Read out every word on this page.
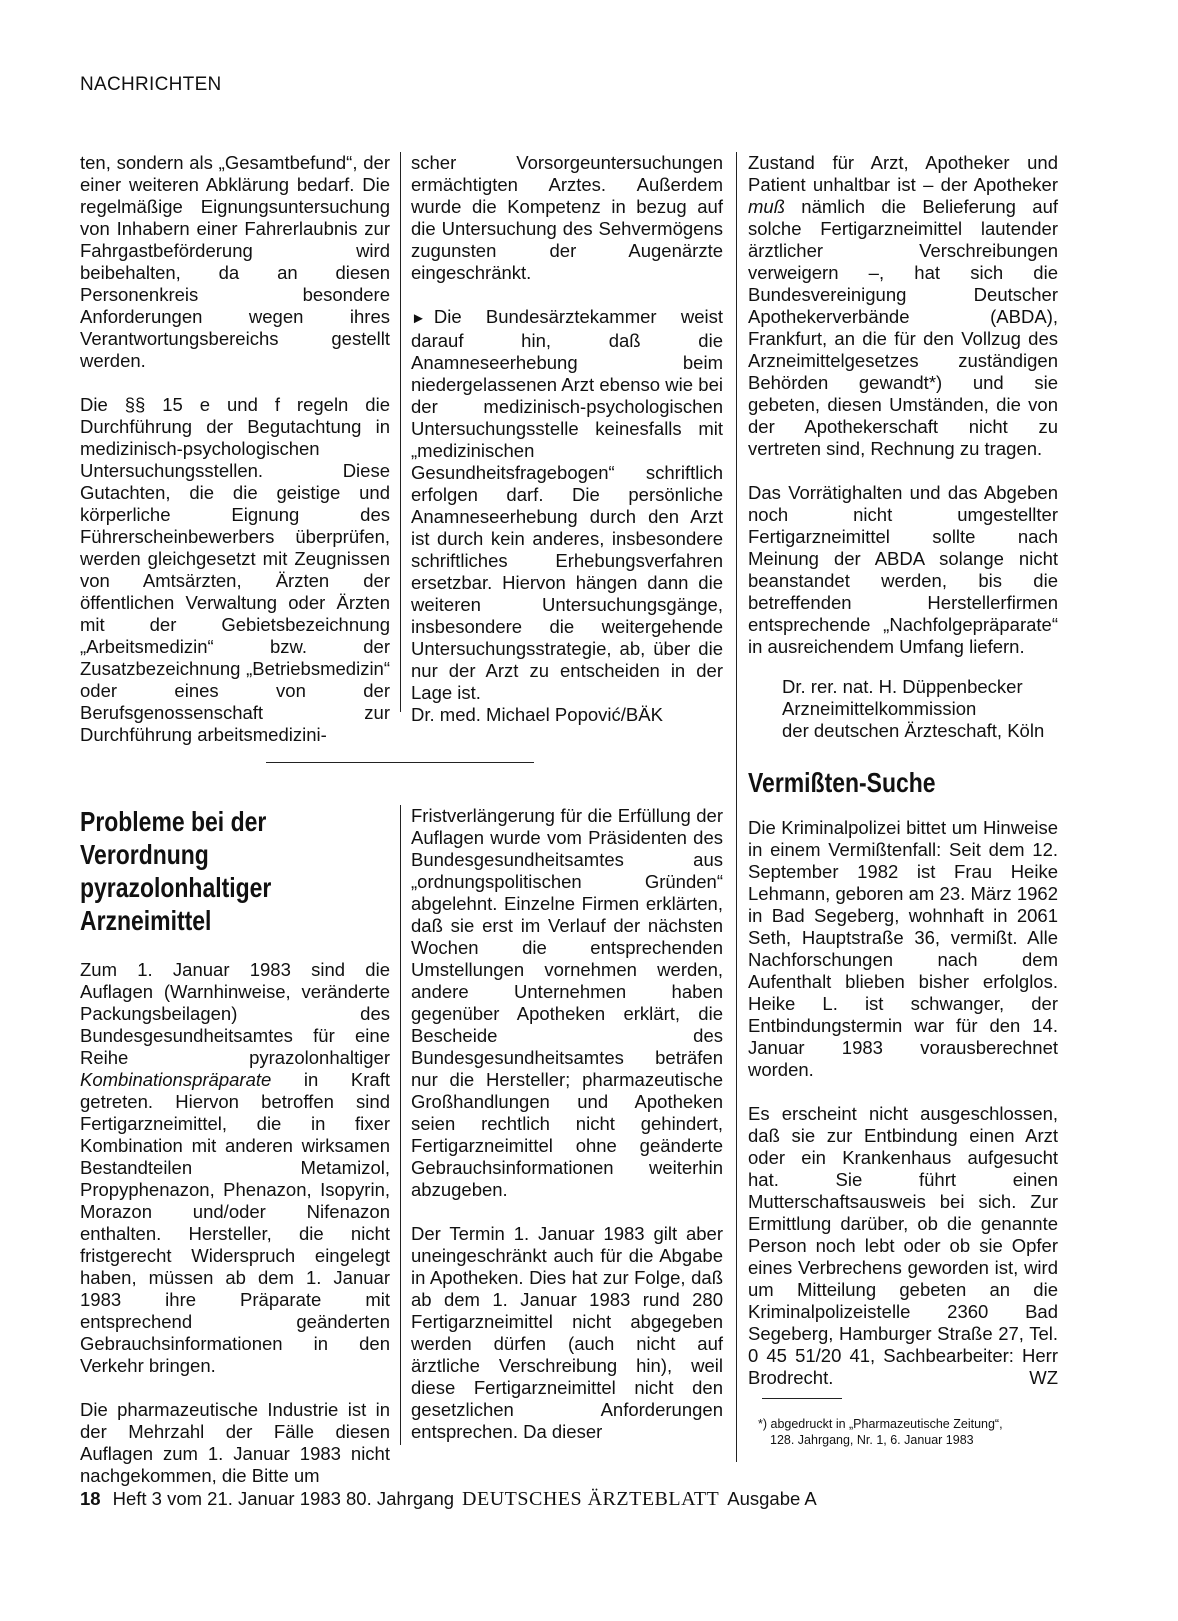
NACHRICHTEN

ten, sondern als „Gesamtbefund“, der einer weiteren Abklärung bedarf. Die regelmäßige Eignungsuntersuchung von Inhabern einer Fahrerlaubnis zur Fahrgastbeförderung wird beibehalten, da an diesen Personenkreis besondere Anforderungen wegen ihres Verantwortungsbereichs gestellt werden.

Die §§ 15 e und f regeln die Durchführung der Begutachtung in medizinisch-psychologischen Untersuchungsstellen. Diese Gutachten, die die geistige und körperliche Eignung des Führerscheinbewerbers überprüfen, werden gleichgesetzt mit Zeugnissen von Amtsärzten, Ärzten der öffentlichen Verwaltung oder Ärzten mit der Gebietsbezeichnung „Arbeitsmedizin“ bzw. der Zusatzbezeichnung „Betriebsmedizin“ oder eines von der Berufsgenossenschaft zur Durchführung arbeitsmedizini-

scher Vorsorgeuntersuchungen ermächtigten Arztes. Außerdem wurde die Kompetenz in bezug auf die Untersuchung des Sehvermögens zugunsten der Augenärzte eingeschränkt.

► Die Bundesärztekammer weist darauf hin, daß die Anamneseerhebung beim niedergelassenen Arzt ebenso wie bei der medizinisch-psychologischen Untersuchungsstelle keinesfalls mit „medizinischen Gesundheitsfragebogen“ schriftlich erfolgen darf. Die persönliche Anamneseerhebung durch den Arzt ist durch kein anderes, insbesondere schriftliches Erhebungsverfahren ersetzbar. Hiervon hängen dann die weiteren Untersuchungsgänge, insbesondere die weitergehende Untersuchungsstrategie, ab, über die nur der Arzt zu entscheiden in der Lage ist.

Dr. med. Michael Popović/BÄK

Zustand für Arzt, Apotheker und Patient unhaltbar ist – der Apotheker muß nämlich die Belieferung auf solche Fertigarzneimittel lautender ärztlicher Verschreibungen verweigern –, hat sich die Bundesvereinigung Deutscher Apothekerverbände (ABDA), Frankfurt, an die für den Vollzug des Arzneimittelgesetzes zuständigen Behörden gewandt*) und sie gebeten, diesen Umständen, die von der Apothekerschaft nicht zu vertreten sind, Rechnung zu tragen.

Das Vorrätighalten und das Abgeben noch nicht umgestellter Fertigarzneimittel sollte nach Meinung der ABDA solange nicht beanstandet werden, bis die betreffenden Herstellerfirmen entsprechende „Nachfolgepräparate“ in ausreichendem Umfang liefern.

Dr. rer. nat. H. Düppenbecker
Arzneimittelkommission
der deutschen Ärzteschaft, Köln
Probleme bei der
Verordnung
pyrazolonhaltiger
Arzneimittel

Zum 1. Januar 1983 sind die Auflagen (Warnhinweise, veränderte Packungsbeilagen) des Bundesgesundheitsamtes für eine Reihe pyrazolonhaltiger Kombinationspräparate in Kraft getreten. Hiervon betroffen sind Fertigarzneimittel, die in fixer Kombination mit anderen wirksamen Bestandteilen Metamizol, Propyphenazon, Phenazon, Isopyrin, Morazon und/oder Nifenazon enthalten. Hersteller, die nicht fristgerecht Widerspruch eingelegt haben, müssen ab dem 1. Januar 1983 ihre Präparate mit entsprechend geänderten Gebrauchsinformationen in den Verkehr bringen.

Die pharmazeutische Industrie ist in der Mehrzahl der Fälle diesen Auflagen zum 1. Januar 1983 nicht nachgekommen, die Bitte um

Fristverlängerung für die Erfüllung der Auflagen wurde vom Präsidenten des Bundesgesundheitsamtes aus „ordnungspolitischen Gründen“ abgelehnt. Einzelne Firmen erklärten, daß sie erst im Verlauf der nächsten Wochen die entsprechenden Umstellungen vornehmen werden, andere Unternehmen haben gegenüber Apotheken erklärt, die Bescheide des Bundesgesundheitsamtes beträfen nur die Hersteller; pharmazeutische Großhandlungen und Apotheken seien rechtlich nicht gehindert, Fertigarzneimittel ohne geänderte Gebrauchsinformationen weiterhin abzugeben.

Der Termin 1. Januar 1983 gilt aber uneingeschränkt auch für die Abgabe in Apotheken. Dies hat zur Folge, daß ab dem 1. Januar 1983 rund 280 Fertigarzneimittel nicht abgegeben werden dürfen (auch nicht auf ärztliche Verschreibung hin), weil diese Fertigarzneimittel nicht den gesetzlichen Anforderungen entsprechen. Da dieser

Vermißten-Suche

Die Kriminalpolizei bittet um Hinweise in einem Vermißtenfall: Seit dem 12. September 1982 ist Frau Heike Lehmann, geboren am 23. März 1962 in Bad Segeberg, wohnhaft in 2061 Seth, Hauptstraße 36, vermißt. Alle Nachforschungen nach dem Aufenthalt blieben bisher erfolglos. Heike L. ist schwanger, der Entbindungstermin war für den 14. Januar 1983 vorausberechnet worden.

Es erscheint nicht ausgeschlossen, daß sie zur Entbindung einen Arzt oder ein Krankenhaus aufgesucht hat. Sie führt einen Mutterschaftsausweis bei sich. Zur Ermittlung darüber, ob die genannte Person noch lebt oder ob sie Opfer eines Verbrechens geworden ist, wird um Mitteilung gebeten an die Kriminalpolizeistelle 2360 Bad Segeberg, Hamburger Straße 27, Tel. 0 45 51/20 41, Sachbearbeiter: Herr Brodrecht.	WZ

*) abgedruckt in „Pharmazeutische Zeitung“,
128. Jahrgang, Nr. 1, 6. Januar 1983
18 Heft 3 vom 21. Januar 1983 80. Jahrgang DEUTSCHES ÄRZTEBLATT Ausgabe A
